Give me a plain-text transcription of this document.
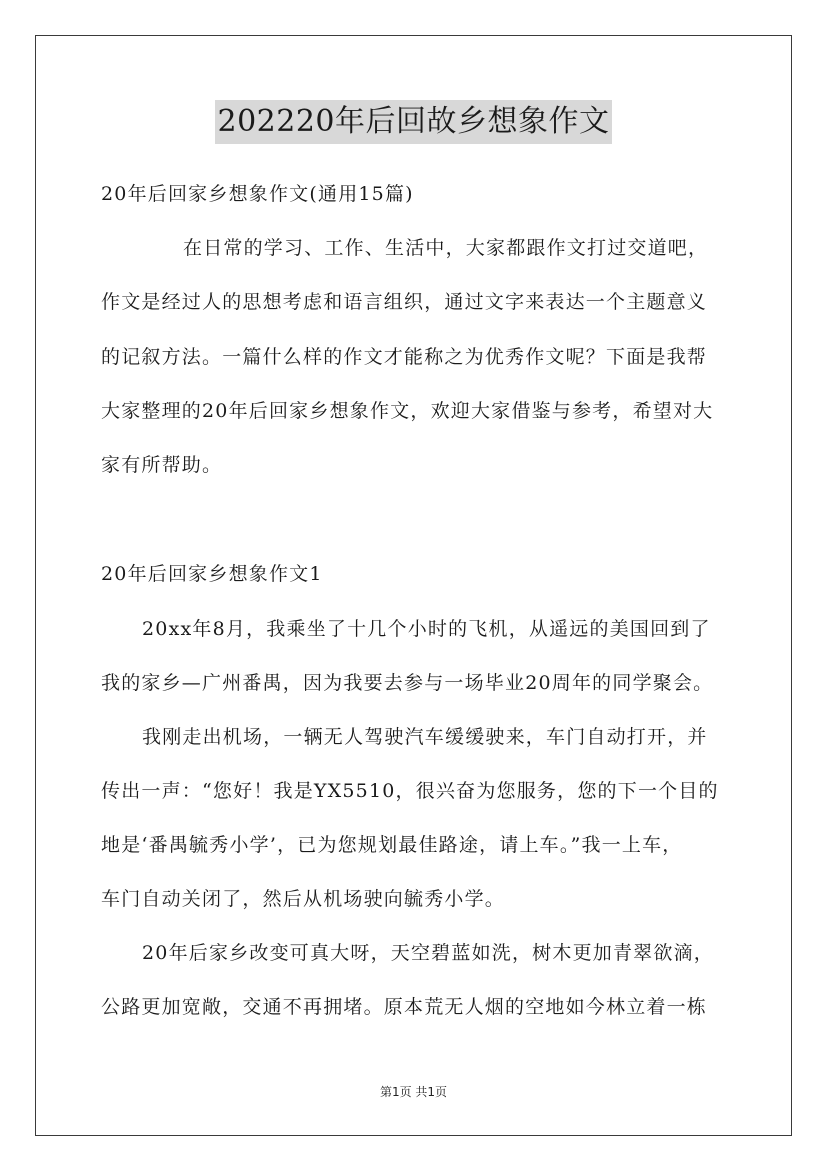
202220年后回故乡想象作文

20年后回家乡想象作文(通用15篇)

在日常的学习、工作、生活中，大家都跟作文打过交道吧，

作文是经过人的思想考虑和语言组织，通过文字来表达一个主题意义

的记叙方法。一篇什么样的作文才能称之为优秀作文呢？下面是我帮

大家整理的20年后回家乡想象作文，欢迎大家借鉴与参考，希望对大

家有所帮助。

20年后回家乡想象作文1

20xx年8月，我乘坐了十几个小时的飞机，从遥远的美国回到了

我的家乡—广州番禺，因为我要去参与一场毕业20周年的同学聚会。

我刚走出机场，一辆无人驾驶汽车缓缓驶来，车门自动打开，并

传出一声：“您好！我是YX5510，很兴奋为您服务，您的下一个目的

地是‘番禺毓秀小学’，已为您规划最佳路途，请上车。”我一上车，

车门自动关闭了，然后从机场驶向毓秀小学。

20年后家乡改变可真大呀，天空碧蓝如洗，树木更加青翠欲滴，

公路更加宽敞，交通不再拥堵。原本荒无人烟的空地如今林立着一栋

第1页 共1页
